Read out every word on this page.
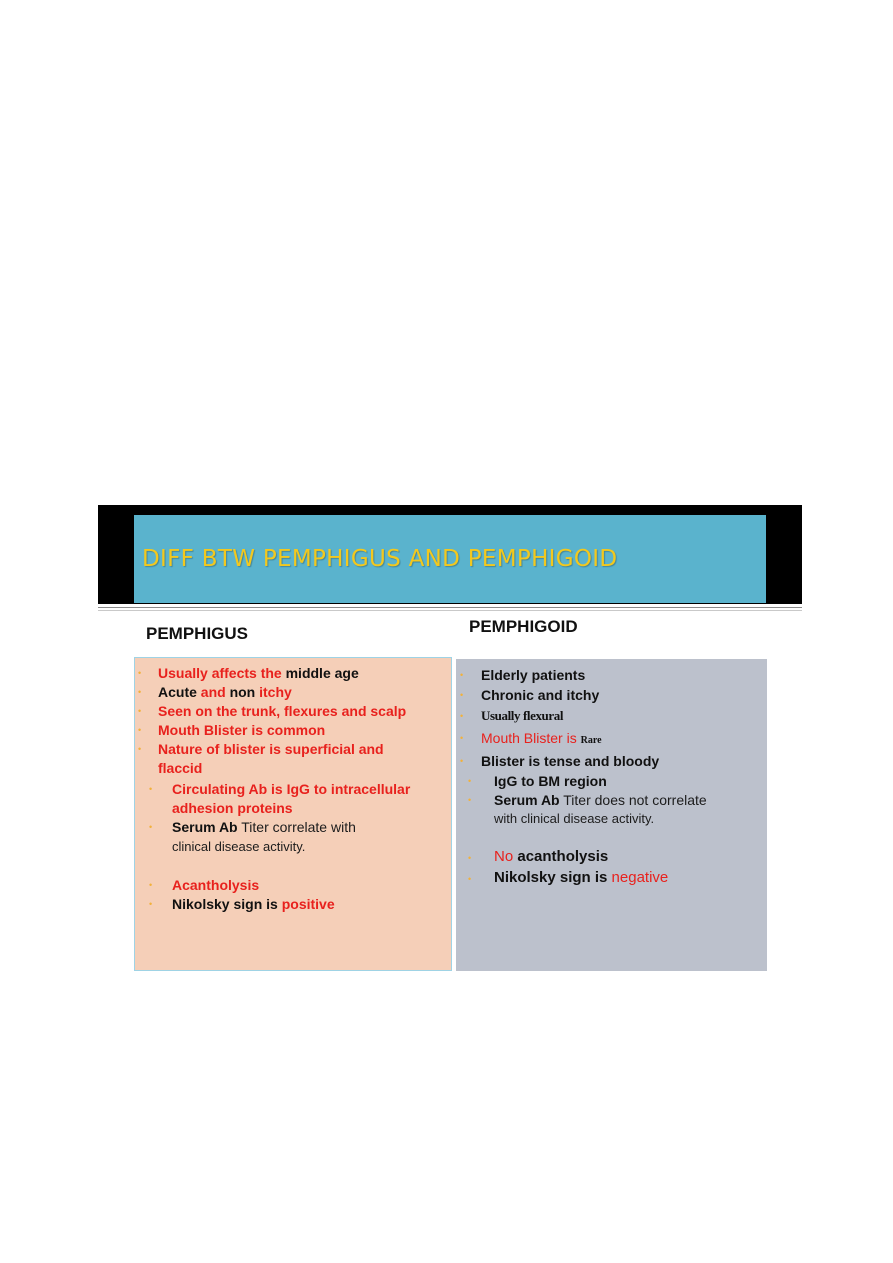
DIFF BTW PEMPHIGUS AND PEMPHIGOID
PEMPHIGUS	PEMPHIGOID
• Usually affects the middle age
• Acute and non itchy
• Seen on the trunk, flexures and scalp
• Mouth Blister is common
• Nature of blister is superficial and
flaccid
• Circulating Ab is IgG to intracellular
adhesion proteins
• Serum Ab Titer correlate with
clinical disease activity.
• Acantholysis
• Nikolsky sign is positive
• Elderly patients
• Chronic and itchy
• Usually flexural
• Mouth Blister is Rare
• Blister is tense and bloody
• IgG to BM region
• Serum Ab Titer does not correlate
with clinical disease activity.
• No acantholysis
• Nikolsky sign is negative
